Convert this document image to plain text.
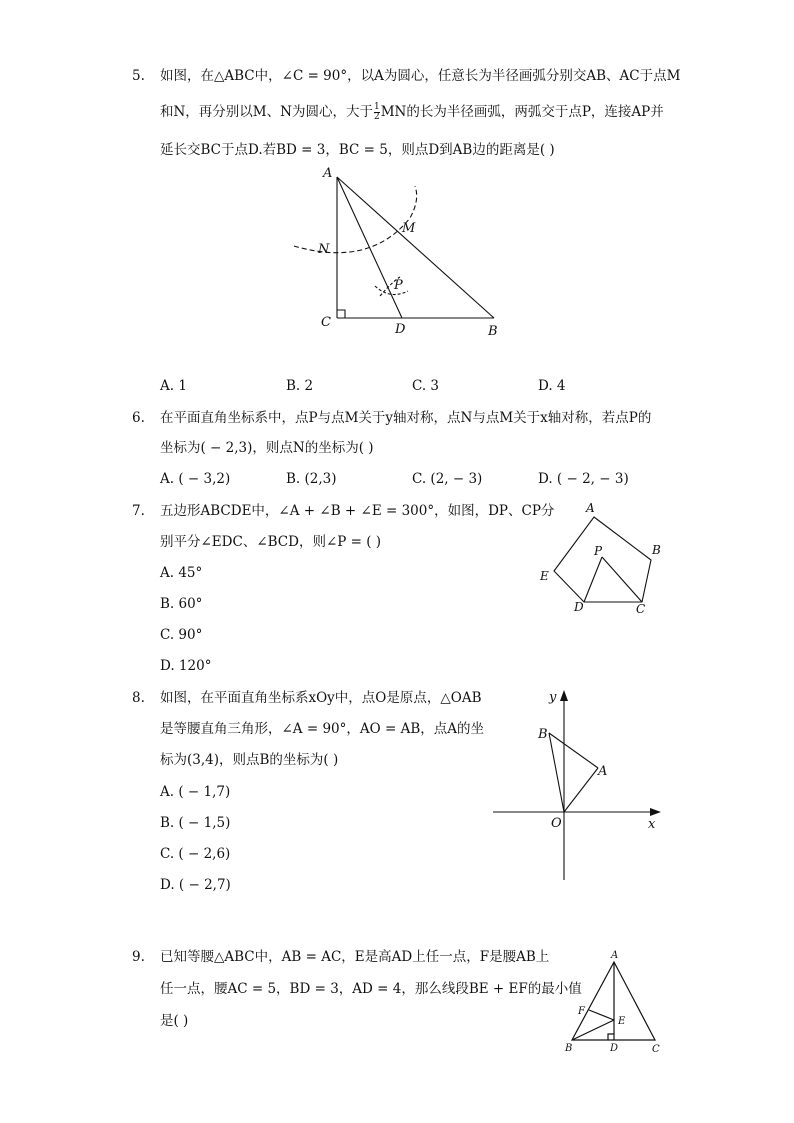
5. 如图，在△ABC中，∠C = 90°，以A为圆心，任意长为半径画弧分别交AB、AC于点M
和N，再分别以M、N为圆心，大于 $\frac{1}{2}$ MN的长为半径画弧，两弧交于点P，连接AP并
延长交BC于点D.若BD = 3，BC = 5，则点D到AB边的距离是( )
A
N
M
P
C	D	B
A. 1	B. 2	C. 3	D. 4
6. 在平面直角坐标系中，点P与点M关于y轴对称，点N与点M关于x轴对称，若点P的
坐标为( − 2,3)，则点N的坐标为( )
A. ( − 3,2)	B. (2,3)	C. (2, − 3)	D. ( − 2, − 3)
7. 五边形ABCDE中，∠A + ∠B + ∠E = 300°，如图，DP、CP分
别平分∠EDC、∠BCD，则∠P = ( )
A. 45°
B. 60°
C. 90°
D. 120°
A
B
C
D
E
P
8. 如图，在平面直角坐标系xOy中，点O是原点，△OAB
是等腰直角三角形，∠A = 90°，AO = AB，点A的坐
标为(3,4)，则点B的坐标为( )
A. ( − 1,7)
B. ( − 1,5)
C. ( − 2,6)
D. ( − 2,7)
y
x
O
B
A
9. 已知等腰△ABC中，AB = AC，E是高AD上任一点，F是腰AB上
任一点，腰AC = 5，BD = 3，AD = 4，那么线段BE + EF的最小值
是( )
A
F
E
B	D	C
